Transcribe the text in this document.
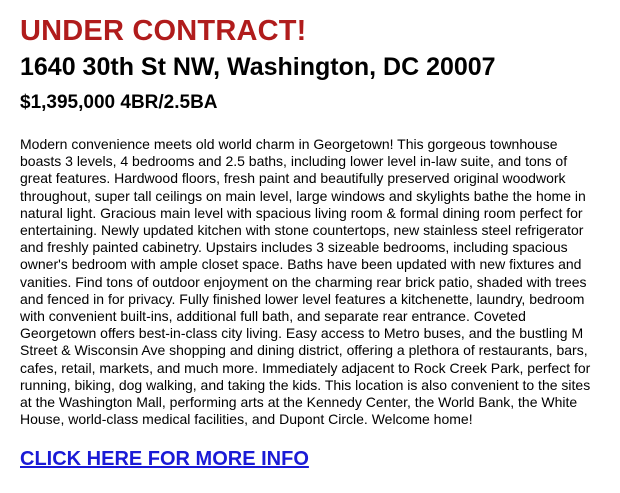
UNDER CONTRACT!
1640 30th St NW, Washington, DC 20007
$1,395,000 4BR/2.5BA

Modern convenience meets old world charm in Georgetown! This gorgeous townhouse boasts 3 levels, 4 bedrooms and 2.5 baths, including lower level in-law suite, and tons of great features. Hardwood floors, fresh paint and beautifully preserved original woodwork throughout, super tall ceilings on main level, large windows and skylights bathe the home in natural light. Gracious main level with spacious living room & formal dining room perfect for entertaining. Newly updated kitchen with stone countertops, new stainless steel refrigerator and freshly painted cabinetry. Upstairs includes 3 sizeable bedrooms, including spacious owner's bedroom with ample closet space. Baths have been updated with new fixtures and vanities. Find tons of outdoor enjoyment on the charming rear brick patio, shaded with trees and fenced in for privacy. Fully finished lower level features a kitchenette, laundry, bedroom with convenient built-ins, additional full bath, and separate rear entrance. Coveted Georgetown offers best-in-class city living. Easy access to Metro buses, and the bustling M Street & Wisconsin Ave shopping and dining district, offering a plethora of restaurants, bars, cafes, retail, markets, and much more. Immediately adjacent to Rock Creek Park, perfect for running, biking, dog walking, and taking the kids. This location is also convenient to the sites at the Washington Mall, performing arts at the Kennedy Center, the World Bank, the White House, world-class medical facilities, and Dupont Circle. Welcome home!

CLICK HERE FOR MORE INFO
